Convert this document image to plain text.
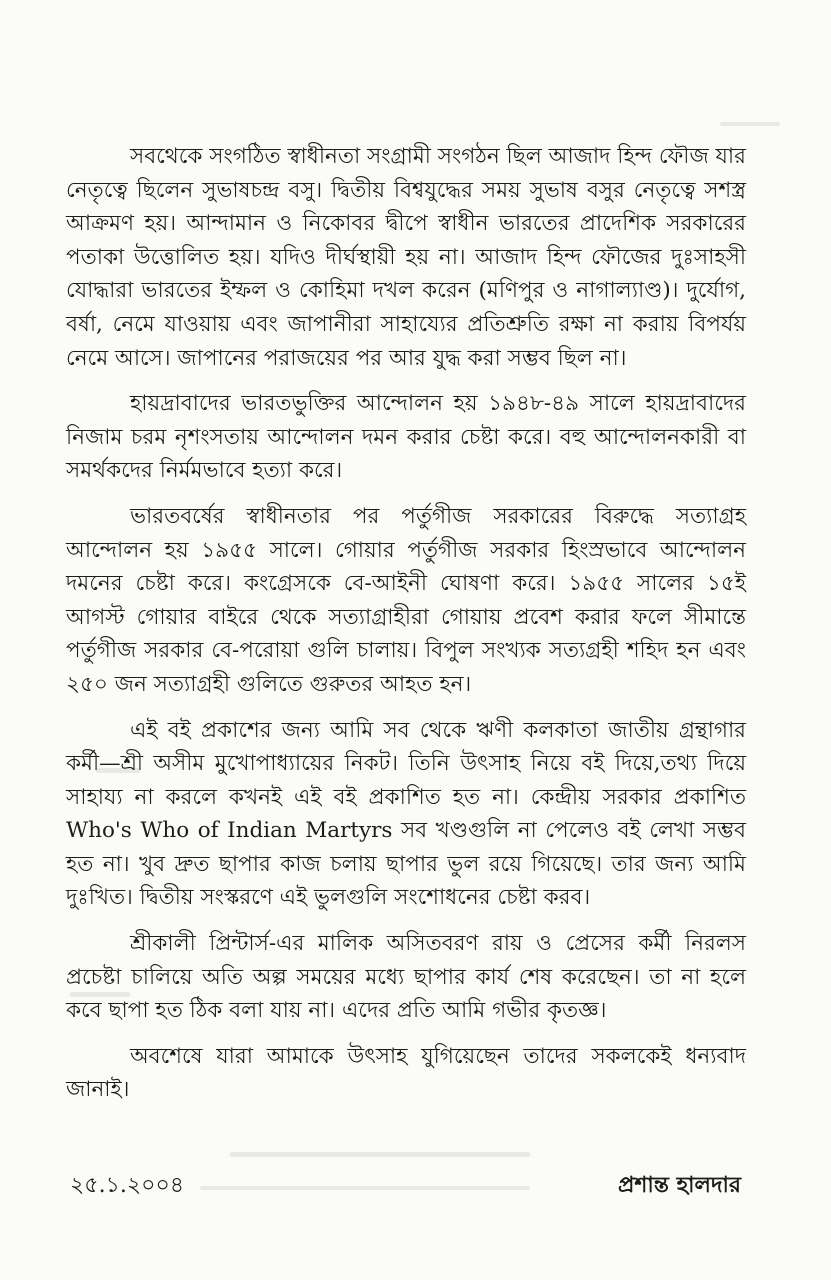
সবথেকে সংগঠিত স্বাধীনতা সংগ্রামী সংগঠন ছিল আজাদ হিন্দ ফৌজ যার নেতৃত্বে ছিলেন সুভাষচন্দ্র বসু। দ্বিতীয় বিশ্বযুদ্ধের সময় সুভাষ বসুর নেতৃত্বে সশস্ত্র আক্রমণ হয়। আন্দামান ও নিকোবর দ্বীপে স্বাধীন ভারতের প্রাদেশিক সরকারের পতাকা উত্তোলিত হয়। যদিও দীর্ঘস্থায়ী হয় না। আজাদ হিন্দ ফৌজের দুঃসাহসী যোদ্ধারা ভারতের ইম্ফল ও কোহিমা দখল করেন (মণিপুর ও নাগাল্যাণ্ড)। দুর্যোগ, বর্ষা, নেমে যাওয়ায় এবং জাপানীরা সাহায্যের প্রতিশ্রুতি রক্ষা না করায় বিপর্যয় নেমে আসে। জাপানের পরাজয়ের পর আর যুদ্ধ করা সম্ভব ছিল না।

হায়দ্রাবাদের ভারতভুক্তির আন্দোলন হয় ১৯৪৮-৪৯ সালে হায়দ্রাবাদের নিজাম চরম নৃশংসতায় আন্দোলন দমন করার চেষ্টা করে। বহু আন্দোলনকারী বা সমর্থকদের নির্মমভাবে হত্যা করে।

ভারতবর্ষের স্বাধীনতার পর পর্তুগীজ সরকারের বিরুদ্ধে সত্যাগ্রহ আন্দোলন হয় ১৯৫৫ সালে। গোয়ার পর্তুগীজ সরকার হিংস্রভাবে আন্দোলন দমনের চেষ্টা করে। কংগ্রেসকে বে-আইনী ঘোষণা করে। ১৯৫৫ সালের ১৫ই আগস্ট গোয়ার বাইরে থেকে সত্যাগ্রাহীরা গোয়ায় প্রবেশ করার ফলে সীমান্তে পর্তুগীজ সরকার বে-পরোয়া গুলি চালায়। বিপুল সংখ্যক সত্যগ্রহী শহিদ হন এবং ২৫০ জন সত্যাগ্রহী গুলিতে গুরুতর আহত হন।

এই বই প্রকাশের জন্য আমি সব থেকে ঋণী কলকাতা জাতীয় গ্রন্থাগার কর্মী—শ্রী অসীম মুখোপাধ্যায়ের নিকট। তিনি উৎসাহ নিয়ে বই দিয়ে,তথ্য দিয়ে সাহায্য না করলে কখনই এই বই প্রকাশিত হত না। কেন্দ্রীয় সরকার প্রকাশিত Who's Who of Indian Martyrs সব খণ্ডগুলি না পেলেও বই লেখা সম্ভব হত না। খুব দ্রুত ছাপার কাজ চলায় ছাপার ভুল রয়ে গিয়েছে। তার জন্য আমি দুঃখিত। দ্বিতীয় সংস্করণে এই ভুলগুলি সংশোধনের চেষ্টা করব।

শ্রীকালী প্রিন্টার্স-এর মালিক অসিতবরণ রায় ও প্রেসের কর্মী নিরলস প্রচেষ্টা চালিয়ে অতি অল্প সময়ের মধ্যে ছাপার কার্য শেষ করেছেন। তা না হলে কবে ছাপা হত ঠিক বলা যায় না। এদের প্রতি আমি গভীর কৃতজ্ঞ।

অবশেষে যারা আমাকে উৎসাহ যুগিয়েছেন তাদের সকলকেই ধন্যবাদ জানাই।

২৫.১.২০০৪	প্রশান্ত হালদার
